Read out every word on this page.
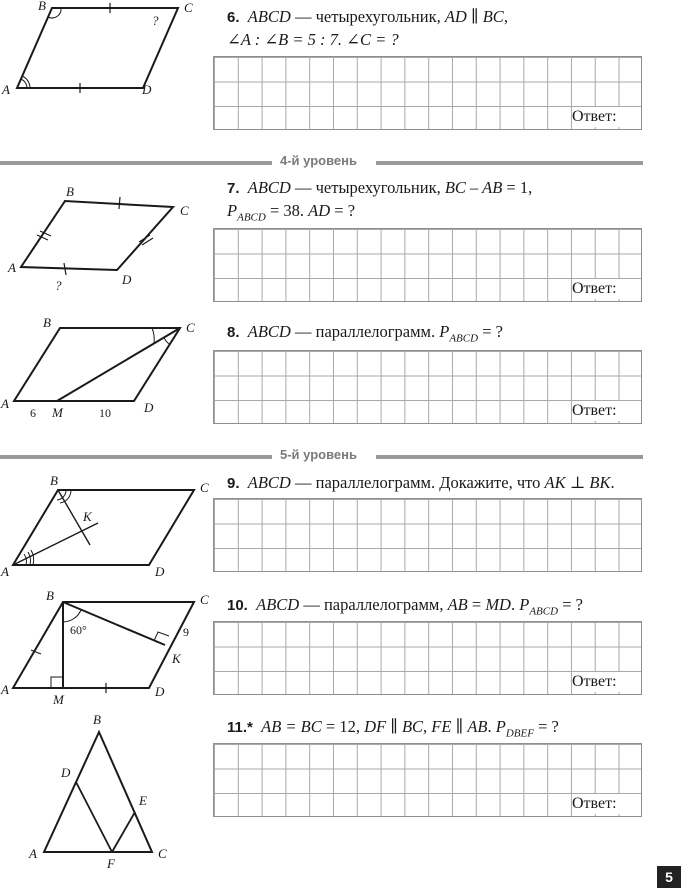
A
B	C
D
?	6. ABCD — четырехугольник, AD ∥ BC,
∠A : ∠B = 5 : 7. ∠C = ?
Ответ:
4-й уровень
A
B
C
D
?
7. ABCD — четырехугольник, BC – AB = 1,
$P_{ABCD} = 38$. AD = ?
Ответ:
A
B	C
D
M
6	10
8. ABCD — параллелограмм. $P_{ABCD}$ = ?
Ответ:
5-й уровень
A
B	C
D
K
9. ABCD — параллелограмм. Докажите, что AK ⊥ BK.
A
B	C
D
M
K
60°	9
10. ABCD — параллелограмм, AB = MD. $P_{ABCD}$ = ?
Ответ:
A
B
C
D
E
F
11.* AB = BC = 12, DF ∥ BC, FE ∥ AB. $P_{DBEF}$ = ?
Ответ:
5
